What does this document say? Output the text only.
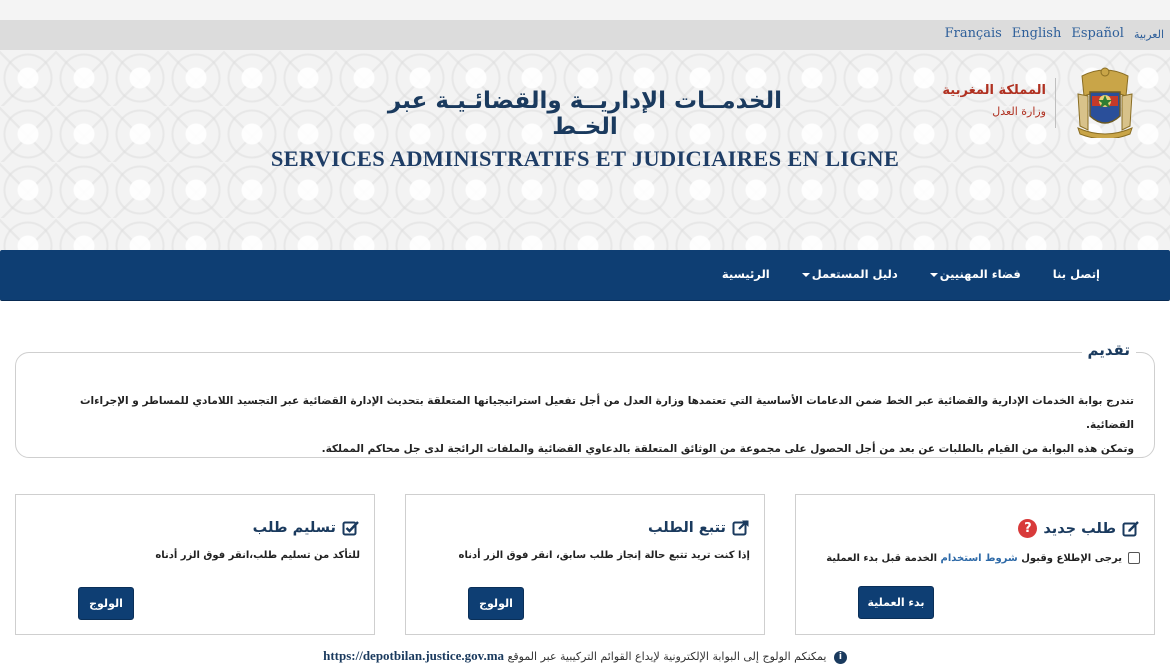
Français English Español العربية
المملكة المغربية
وزارة العدل
الخدمــات الإداريــة والقضائـيـة عبر الخـط
SERVICES ADMINISTRATIFS ET JUDICIAIRES EN LIGNE
الرئيسية	دليل المستعمل	فضاء المهنيين	إتصل بنا
تقديم
تندرج بوابة الخدمات الإدارية والقضائية عبر الخط ضمن الدعامات الأساسية التي تعتمدها وزارة العدل من أجل تفعيل استراتيجياتها المتعلقة بتحديث الإدارة القضائية عبر التجسيد اللامادي للمساطر و الإجراءات القضائية.
وتمكن هذه البوابة من القيام بالطلبات عن بعد من أجل الحصول على مجموعة من الوثائق المتعلقة بالدعاوي القضائية والملفات الرائجة لدى جل محاكم المملكة.
طلب جديد
?
يرجى الإطلاع وقبول شروط استخدام الخدمة قبل بدء العملية
بدء العملية
تتبع الطلب
إذا كنت تريد تتبع حالة إنجاز طلب سابق، انقر فوق الزر أدناه
الولوج
تسليم طلب
للتأكد من تسليم طلب،انقر فوق الزر أدناه
الولوج
i يمكنكم الولوج إلى البوابة الإلكترونية لإيداع القوائم التركيبية عبر الموقع https://depotbilan.justice.gov.ma
